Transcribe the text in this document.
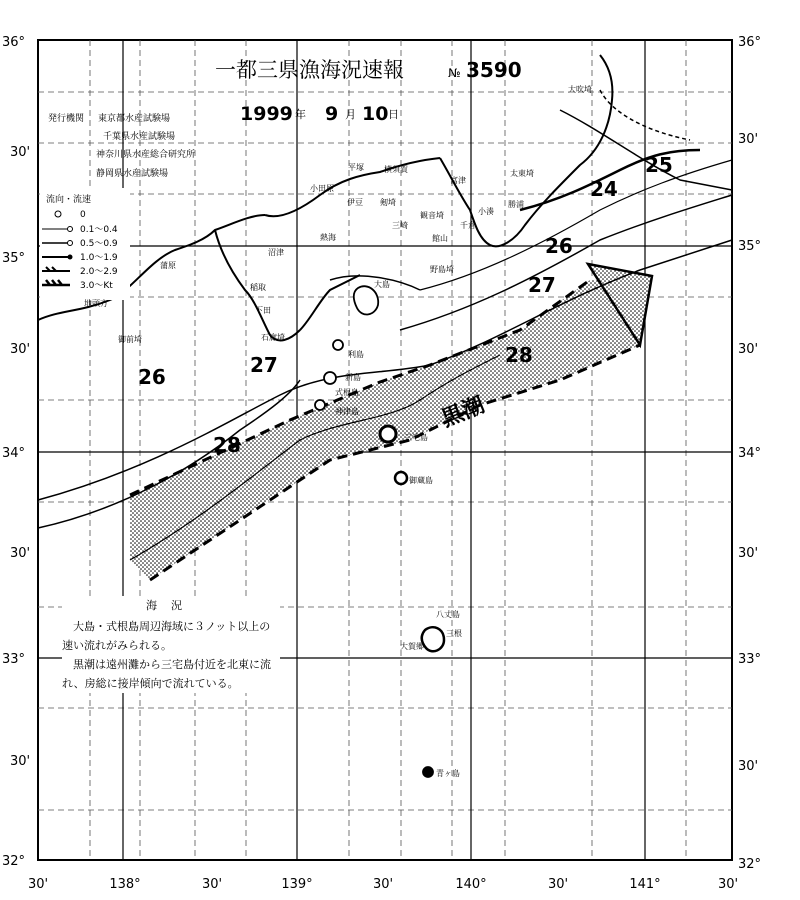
24
25
26
26
27
27	28
28
黒潮
一都三県漁海況速報	№ 3590
発行機関 東京都水産試験場
千葉県水産試験場
神奈川県水産総合研究所
静岡県水産試験場
1999 年 9 月 10 日
流向・流速
0
0.1〜0.4
0.5〜0.9
1.0〜1.9
2.0〜2.9
3.0〜Kt
大吹埼
太東埼
勝浦
小湊
富津
千倉
館山
野島埼
横須賀
平塚
小田原
伊豆
観音埼
剱埼
三崎
熱海
沼津
稲取
下田
石廊埼
蒲原
御前埼
地頭方
大島
利島
新島
式根島
神津島
三宅島
御蔵島
八丈島
三根
大賀郷
青ヶ島
36°
30'
35°
30'
34°
30'
33°
30'
32°
36°
30'
35°
30'
34°
30'
33°
30'
32°
30'	138°	30'	139°	30'	140°	30'	141°	30'
海況

大島・式根島周辺海域に３ノット以上の速い流れがみられる。

黒潮は遠州灘から三宅島付近を北東に流れ、房総に接岸傾向で流れている。
